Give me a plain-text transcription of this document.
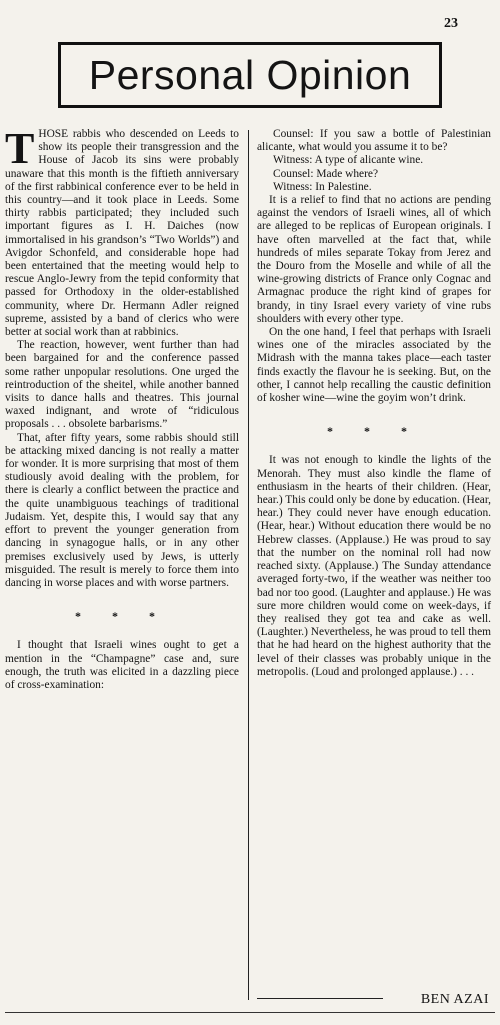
23
Personal Opinion

THOSE rabbis who descended on Leeds to show its people their transgression and the House of Jacob its sins were probably unaware that this month is the fiftieth anniversary of the first rabbinical conference ever to be held in this country—and it took place in Leeds. Some thirty rabbis participated; they included such important figures as I. H. Daiches (now immortalised in his grandson’s “Two Worlds”) and Avigdor Schonfeld, and considerable hope had been entertained that the meeting would help to rescue Anglo-Jewry from the tepid conformity that passed for Orthodoxy in the older-established community, where Dr. Hermann Adler reigned supreme, assisted by a band of clerics who were better at social work than at rabbinics.

The reaction, however, went further than had been bargained for and the conference passed some rather unpopular resolutions. One urged the reintroduction of the sheitel, while another banned visits to dance halls and theatres. This journal waxed indignant, and wrote of “ridiculous proposals . . . obsolete barbarisms.”

That, after fifty years, some rabbis should still be attacking mixed dancing is not really a matter for wonder. It is more surprising that most of them studiously avoid dealing with the problem, for there is clearly a conflict between the practice and the quite unambiguous teachings of traditional Judaism. Yet, despite this, I would say that any effort to prevent the younger generation from dancing in synagogue halls, or in any other premises exclusively used by Jews, is utterly misguided. The result is merely to force them into dancing in worse places and with worse partners.

* * *

I thought that Israeli wines ought to get a mention in the “Champagne” case and, sure enough, the truth was elicited in a dazzling piece of cross-examination:

Counsel: If you saw a bottle of Palestinian alicante, what would you assume it to be?

Witness: A type of alicante wine.

Counsel: Made where?

Witness: In Palestine.

It is a relief to find that no actions are pending against the vendors of Israeli wines, all of which are alleged to be replicas of European originals. I have often marvelled at the fact that, while hundreds of miles separate Tokay from Jerez and the Douro from the Moselle and while of all the wine-growing districts of France only Cognac and Armagnac produce the right kind of grapes for brandy, in tiny Israel every variety of vine rubs shoulders with every other type.

On the one hand, I feel that perhaps with Israeli wines one of the miracles associated by the Midrash with the manna takes place—each taster finds exactly the flavour he is seeking. But, on the other, I cannot help recalling the caustic definition of kosher wine—wine the goyim won’t drink.

* * *

It was not enough to kindle the lights of the Menorah. They must also kindle the flame of enthusiasm in the hearts of their children. (Hear, hear.) This could only be done by education. (Hear, hear.) They could never have enough education. (Hear, hear.) Without education there would be no Hebrew classes. (Applause.) He was proud to say that the number on the nominal roll had now reached sixty. (Applause.) The Sunday attendance averaged forty-two, if the weather was neither too bad nor too good. (Laughter and applause.) He was sure more children would come on week-days, if they realised they got tea and cake as well. (Laughter.) Nevertheless, he was proud to tell them that he had heard on the highest authority that the level of their classes was probably unique in the metropolis. (Loud and prolonged applause.) . . .

BEN AZAI
